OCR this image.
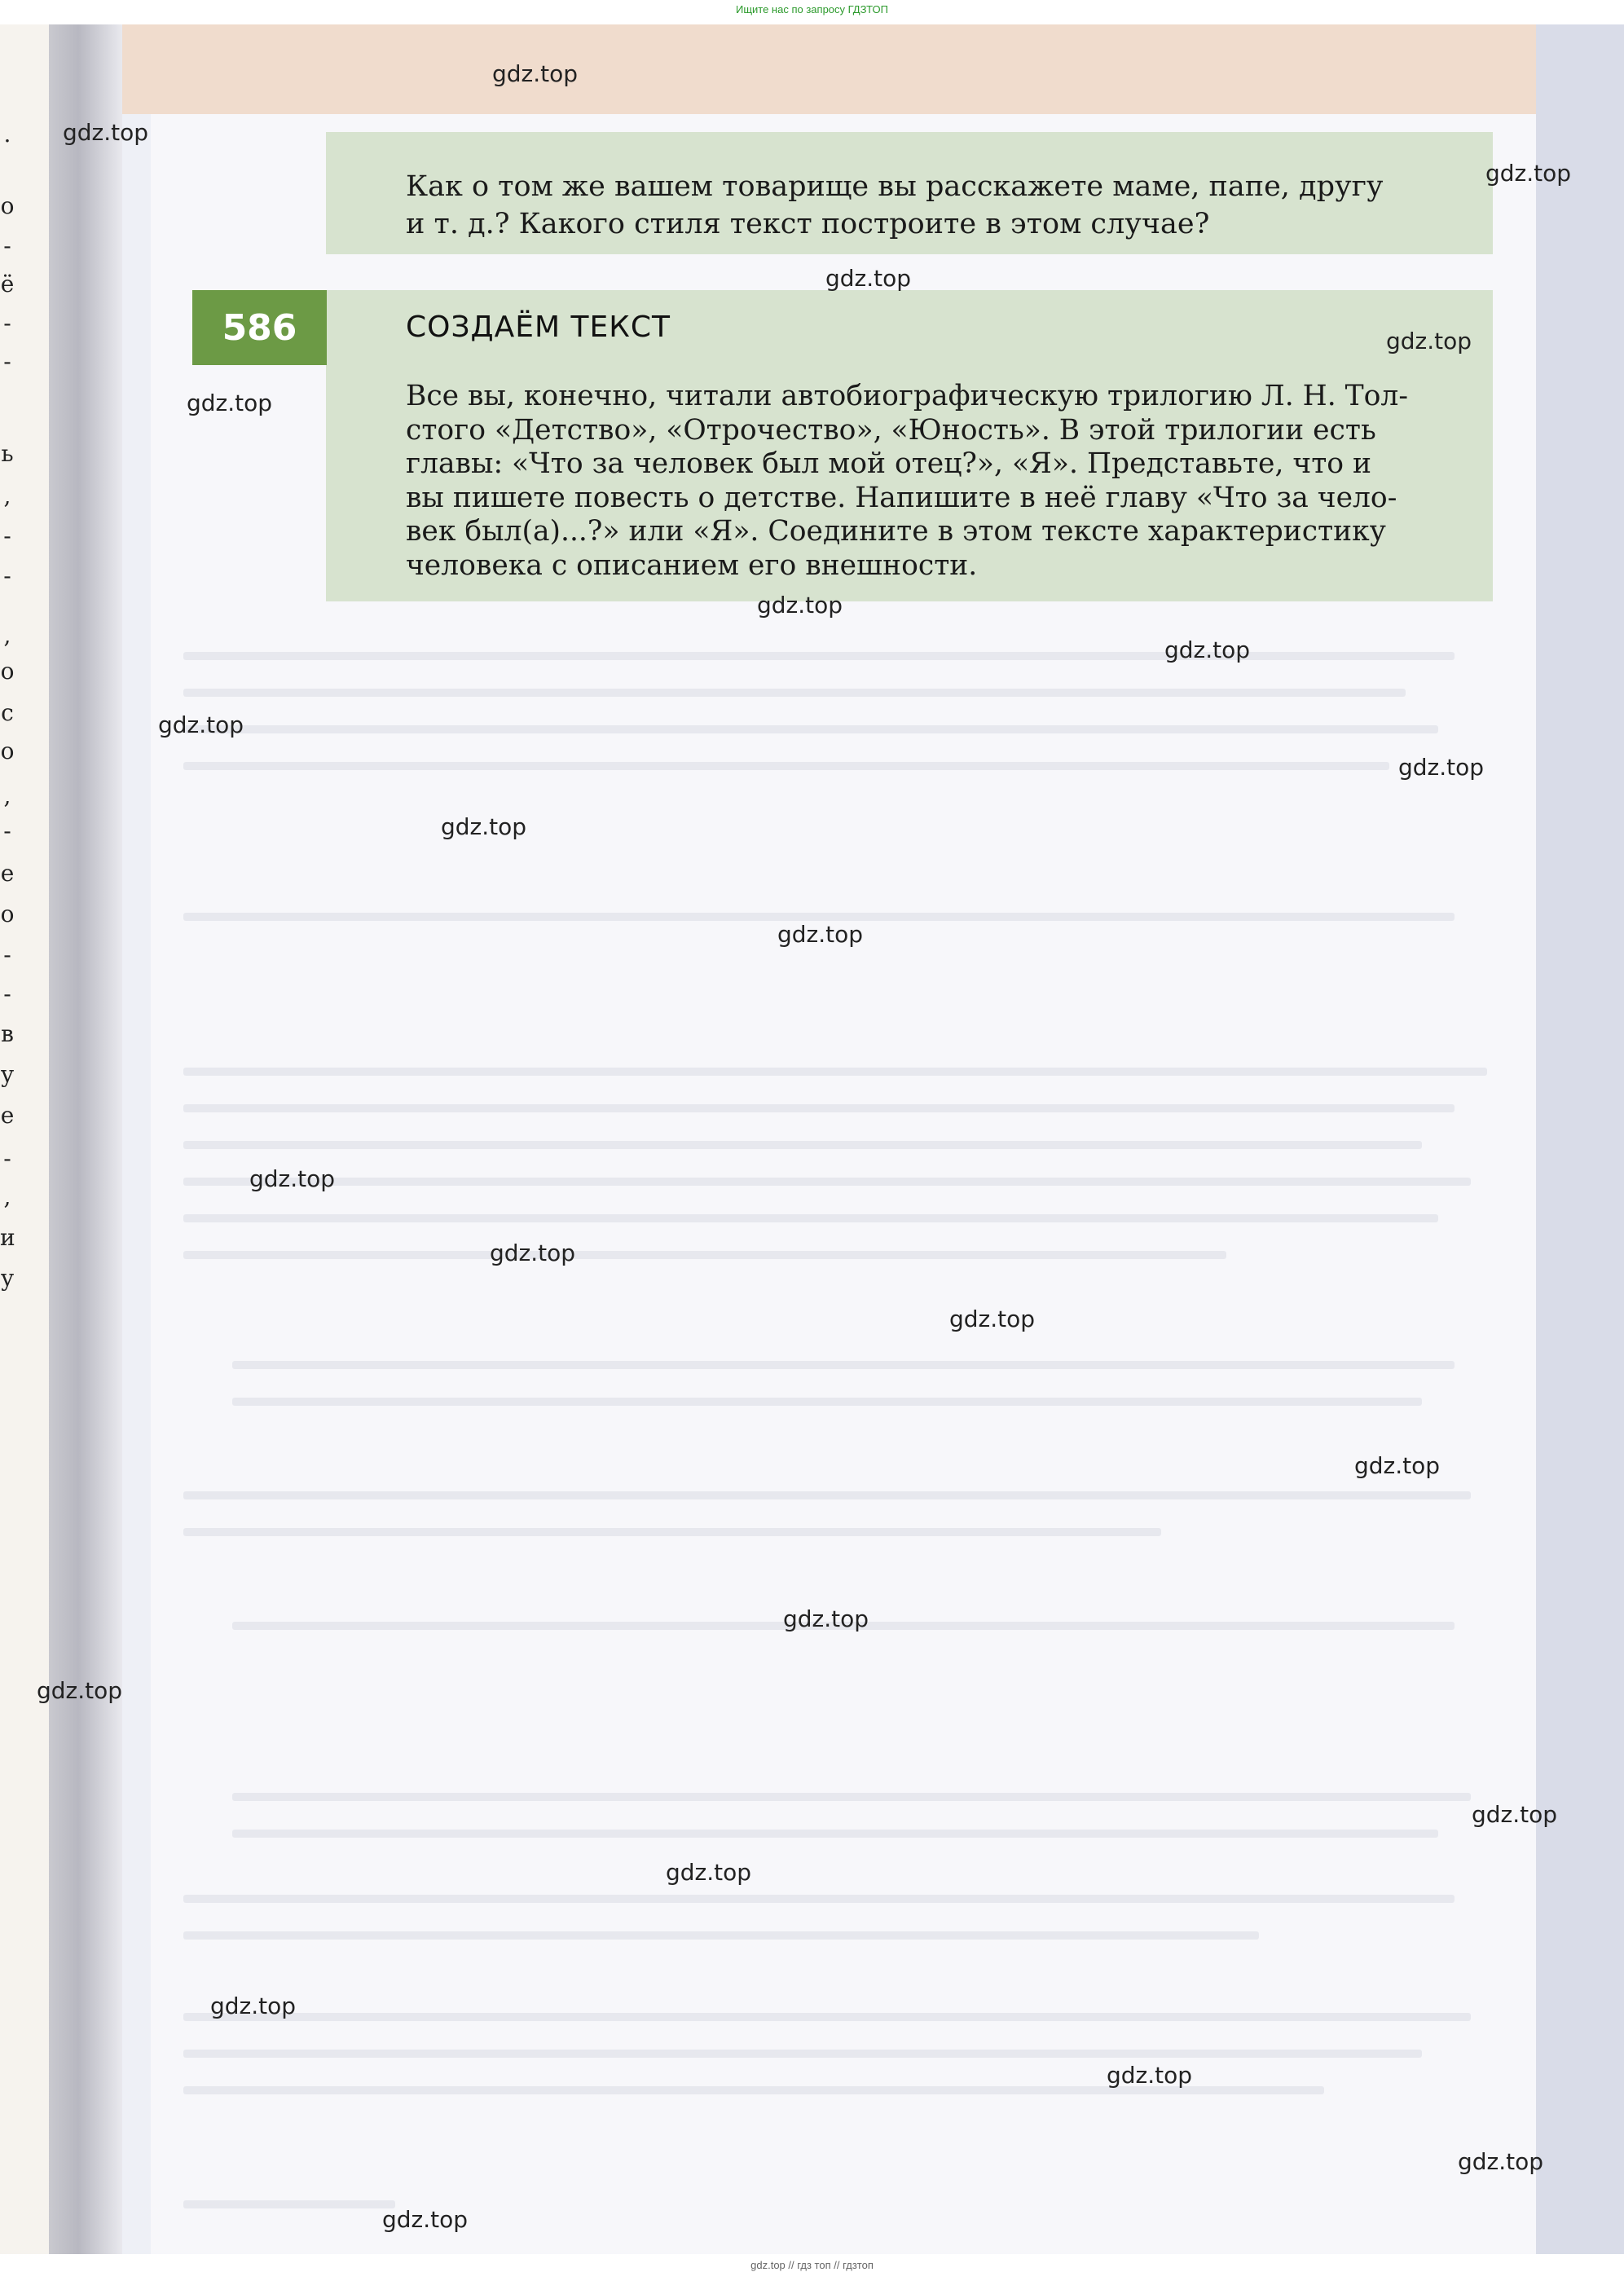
Ищите нас по запросу ГДЗТОП
.
о
-
ё
-
-
ь
,
-
-
,
о
с
о
,
-
е
о
-
-
в
у
е
-
,
и
у

Как о том же вашем товарище вы расскажете маме, папе, другу
и т. д.? Какого стиля текст построите в этом случае?

586	СОЗДАЁМ ТЕКСТ

Все вы, конечно, читали автобиографическую трилогию Л. Н. Тол-
стого «Детство», «Отрочество», «Юность». В этой трилогии есть
главы: «Что за человек был мой отец?», «Я». Представьте, что и
вы пишете повесть о детстве. Напишите в неё главу «Что за чело-
век был(а)...?» или «Я». Соедините в этом тексте характеристику
человека с описанием его внешности.

gdz.top
gdz.top
gdz.top
gdz.top
gdz.top
gdz.top
gdz.top
gdz.top
gdz.top
gdz.top
gdz.top
gdz.top
gdz.top
gdz.top
gdz.top
gdz.top
gdz.top
gdz.top
gdz.top
gdz.top
gdz.top
gdz.top
gdz.top
gdz.top
gdz.top // гдз топ // гдзтоп
